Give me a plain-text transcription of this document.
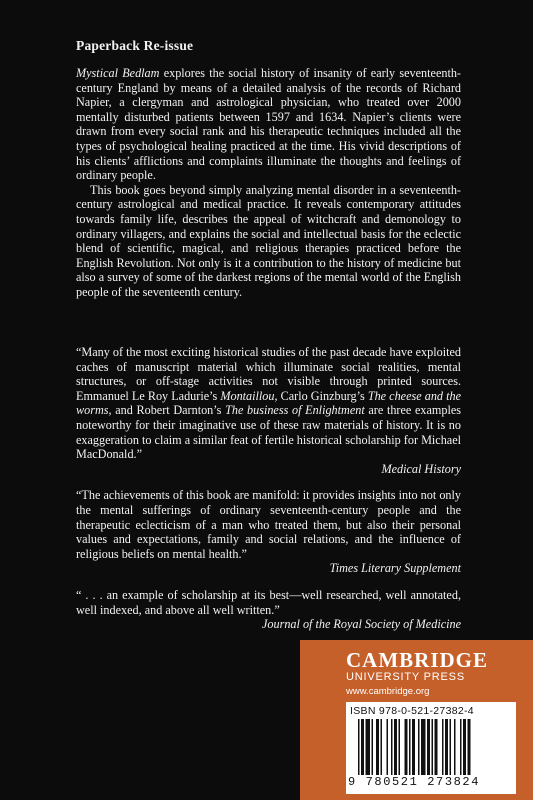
Paperback Re-issue

Mystical Bedlam explores the social history of insanity of early seventeenth-century England by means of a detailed analysis of the records of Richard Napier, a clergyman and astrological physician, who treated over 2000 mentally disturbed patients between 1597 and 1634. Napier’s clients were drawn from every social rank and his therapeutic techniques included all the types of psychological healing practiced at the time. His vivid descriptions of his clients’ afflictions and complaints illuminate the thoughts and feelings of ordinary people.

This book goes beyond simply analyzing mental disorder in a seventeenth-century astrological and medical practice. It reveals contemporary attitudes towards family life, describes the appeal of witchcraft and demonology to ordinary villagers, and explains the social and intellectual basis for the eclectic blend of scientific, magical, and religious therapies practiced before the English Revolution. Not only is it a contribution to the history of medicine but also a survey of some of the darkest regions of the mental world of the English people of the seventeenth century.

“Many of the most exciting historical studies of the past decade have exploited caches of manuscript material which illuminate social realities, mental structures, or off-stage activities not visible through printed sources. Emmanuel Le Roy Ladurie’s Montaillou, Carlo Ginzburg’s The cheese and the worms, and Robert Darnton’s The business of Enlightment are three examples noteworthy for their imaginative use of these raw materials of history. It is no exaggeration to claim a similar feat of fertile historical scholarship for Michael MacDonald.”
Medical History
“The achievements of this book are manifold: it provides insights into not only the mental sufferings of ordinary seventeenth-century people and the therapeutic eclecticism of a man who treated them, but also their personal values and expectations, family and social relations, and the influence of religious beliefs on mental health.”
Times Literary Supplement
“ . . . an example of scholarship at its best—well researched, well annotated, well indexed, and above all well written.”
Journal of the Royal Society of Medicine
CAMBRIDGE
UNIVERSITY PRESS
www.cambridge.org
ISBN 978-0-521-27382-4
9 780521 273824
